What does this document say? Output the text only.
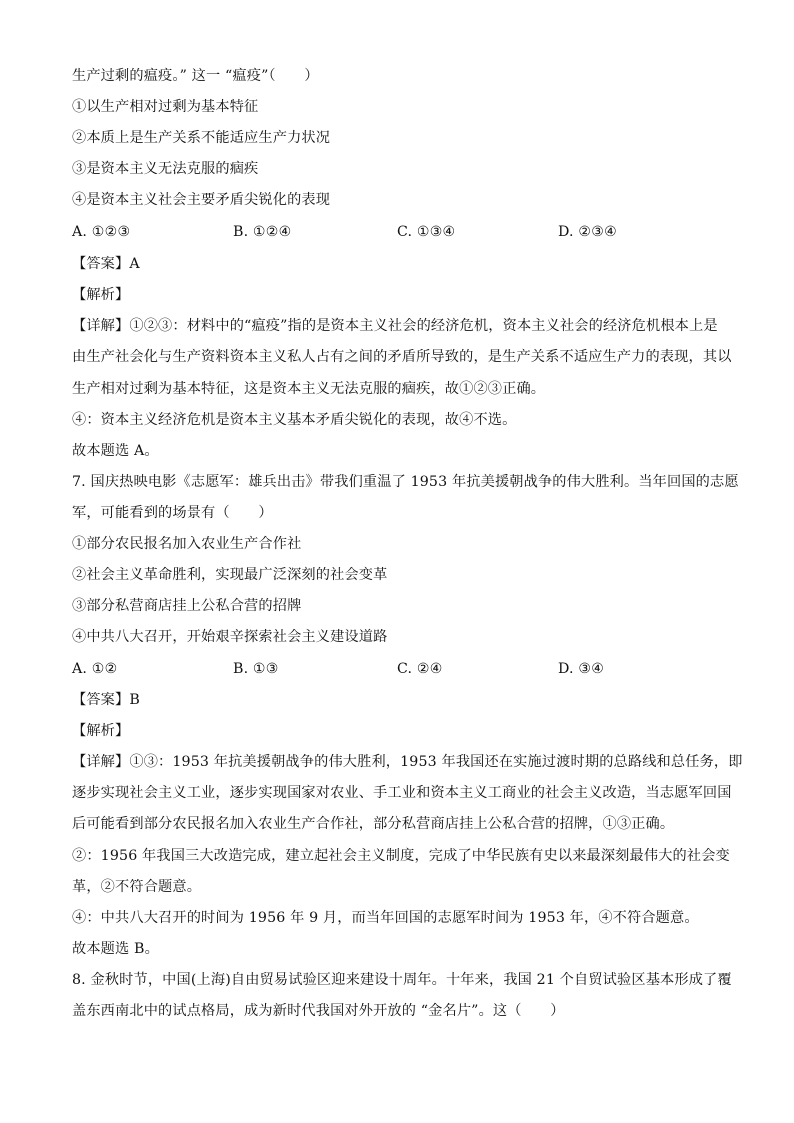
生产过剩的瘟疫。” 这一 “瘟疫”（　　）
①以生产相对过剩为基本特征
②本质上是生产关系不能适应生产力状况
③是资本主义无法克服的痼疾
④是资本主义社会主要矛盾尖锐化的表现
A. ①②③	B. ①②④	C. ①③④	D. ②③④
【答案】A
【解析】
【详解】①②③：材料中的“瘟疫”指的是资本主义社会的经济危机，资本主义社会的经济危机根本上是
由生产社会化与生产资料资本主义私人占有之间的矛盾所导致的，是生产关系不适应生产力的表现，其以
生产相对过剩为基本特征，这是资本主义无法克服的痼疾，故①②③正确。
④：资本主义经济危机是资本主义基本矛盾尖锐化的表现，故④不选。
故本题选 A。
7. 国庆热映电影《志愿军：雄兵出击》带我们重温了 1953 年抗美援朝战争的伟大胜利。当年回国的志愿
军，可能看到的场景有（　　）
①部分农民报名加入农业生产合作社
②社会主义革命胜利，实现最广泛深刻的社会变革
③部分私营商店挂上公私合营的招牌
④中共八大召开，开始艰辛探索社会主义建设道路
A. ①②	B. ①③	C. ②④	D. ③④
【答案】B
【解析】
【详解】①③：1953 年抗美援朝战争的伟大胜利，1953 年我国还在实施过渡时期的总路线和总任务，即
逐步实现社会主义工业，逐步实现国家对农业、手工业和资本主义工商业的社会主义改造，当志愿军回国
后可能看到部分农民报名加入农业生产合作社，部分私营商店挂上公私合营的招牌，①③正确。
②：1956 年我国三大改造完成，建立起社会主义制度，完成了中华民族有史以来最深刻最伟大的社会变
革，②不符合题意。
④：中共八大召开的时间为 1956 年 9 月，而当年回国的志愿军时间为 1953 年，④不符合题意。
故本题选 B。
8. 金秋时节，中国(上海)自由贸易试验区迎来建设十周年。十年来，我国 21 个自贸试验区基本形成了覆
盖东西南北中的试点格局，成为新时代我国对外开放的 “金名片”。这（　　）
